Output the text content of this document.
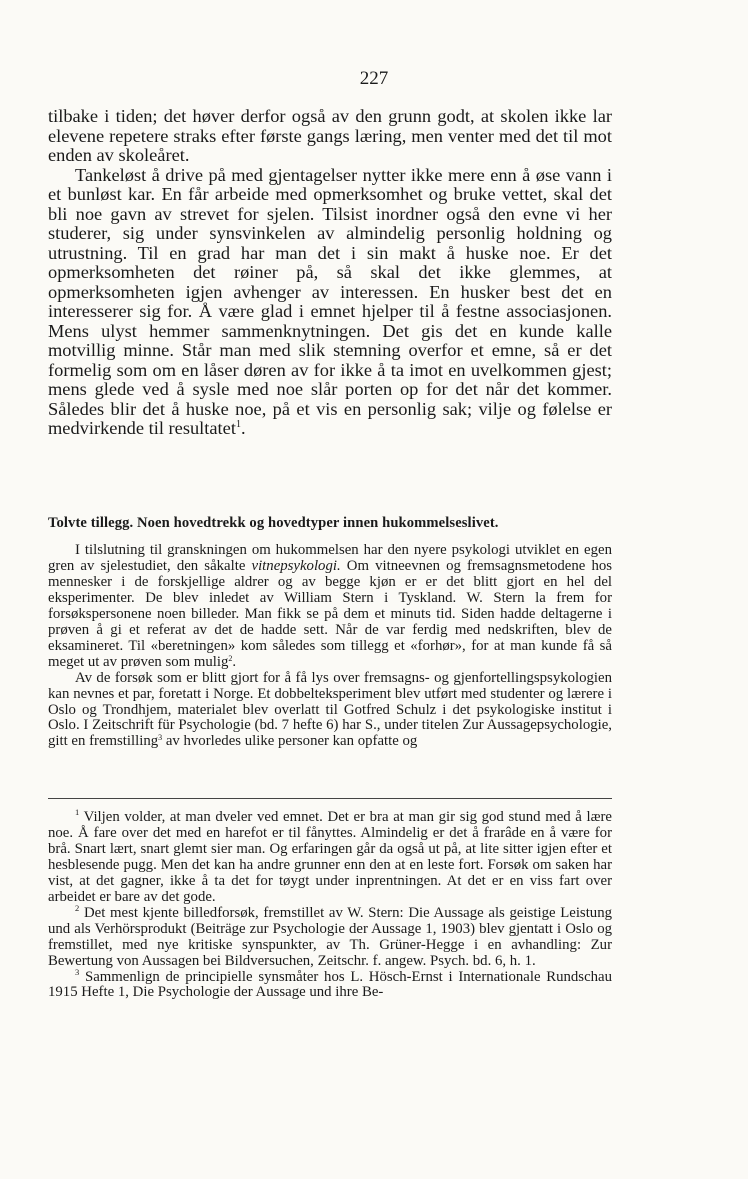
227

tilbake i tiden; det høver derfor også av den grunn godt, at skolen ikke lar elevene repetere straks efter første gangs læring, men venter med det til mot enden av skoleåret.

Tankeløst å drive på med gjentagelser nytter ikke mere enn å øse vann i et bunløst kar. En får arbeide med opmerksomhet og bruke vettet, skal det bli noe gavn av strevet for sjelen. Tilsist inordner også den evne vi her studerer, sig under synsvinkelen av almindelig personlig holdning og utrustning. Til en grad har man det i sin makt å huske noe. Er det opmerksomheten det røiner på, så skal det ikke glemmes, at opmerksomheten igjen avhenger av interessen. En husker best det en interesserer sig for. Å være glad i emnet hjelper til å festne associasjonen. Mens ulyst hemmer sammenknytningen. Det gis det en kunde kalle motvillig minne. Står man med slik stemning overfor et emne, så er det formelig som om en låser døren av for ikke å ta imot en uvelkommen gjest; mens glede ved å sysle med noe slår porten op for det når det kommer. Således blir det å huske noe, på et vis en personlig sak; vilje og følelse er medvirkende til resultatet$^1$.

Tolvte tillegg. Noen hovedtrekk og hovedtyper innen hukommelseslivet.

I tilslutning til granskningen om hukommelsen har den nyere psykologi utviklet en egen gren av sjelestudiet, den såkalte vitnepsykologi. Om vitneevnen og fremsagnsmetodene hos mennesker i de forskjellige aldrer og av begge kjøn er er det blitt gjort en hel del eksperimenter. De blev inledet av William Stern i Tyskland. W. Stern la frem for forsøkspersonene noen billeder. Man fikk se på dem et minuts tid. Siden hadde deltagerne i prøven å gi et referat av det de hadde sett. Når de var ferdig med nedskriften, blev de eksamineret. Til «beretningen» kom således som tillegg et «forhør», for at man kunde få så meget ut av prøven som mulig$^2$.

Av de forsøk som er blitt gjort for å få lys over fremsagns- og gjenfortellingspsykologien kan nevnes et par, foretatt i Norge. Et dobbelteksperiment blev utført med studenter og lærere i Oslo og Trondhjem, materialet blev overlatt til Gotfred Schulz i det psykologiske institut i Oslo. I Zeitschrift für Psychologie (bd. 7 hefte 6) har S., under titelen Zur Aussagepsychologie, gitt en fremstilling$^3$ av hvorledes ulike personer kan opfatte og

$^1$ Viljen volder, at man dveler ved emnet. Det er bra at man gir sig god stund med å lære noe. Å fare over det med en harefot er til fånyttes. Almindelig er det å frarâde en å være for brå. Snart lært, snart glemt sier man. Og erfaringen går da også ut på, at lite sitter igjen efter et hesblesende pugg. Men det kan ha andre grunner enn den at en leste fort. Forsøk om saken har vist, at det gagner, ikke å ta det for tøygt under inprentningen. At det er en viss fart over arbeidet er bare av det gode.

$^2$ Det mest kjente billedforsøk, fremstillet av W. Stern: Die Aussage als geistige Leistung und als Verhörsprodukt (Beiträge zur Psychologie der Aussage 1, 1903) blev gjentatt i Oslo og fremstillet, med nye kritiske synspunkter, av Th. Grüner-Hegge i en avhandling: Zur Bewertung von Aussagen bei Bildversuchen, Zeitschr. f. angew. Psych. bd. 6, h. 1.

$^3$ Sammenlign de principielle synsmåter hos L. Hösch-Ernst i Internationale Rundschau 1915 Hefte 1, Die Psychologie der Aussage und ihre Be-
